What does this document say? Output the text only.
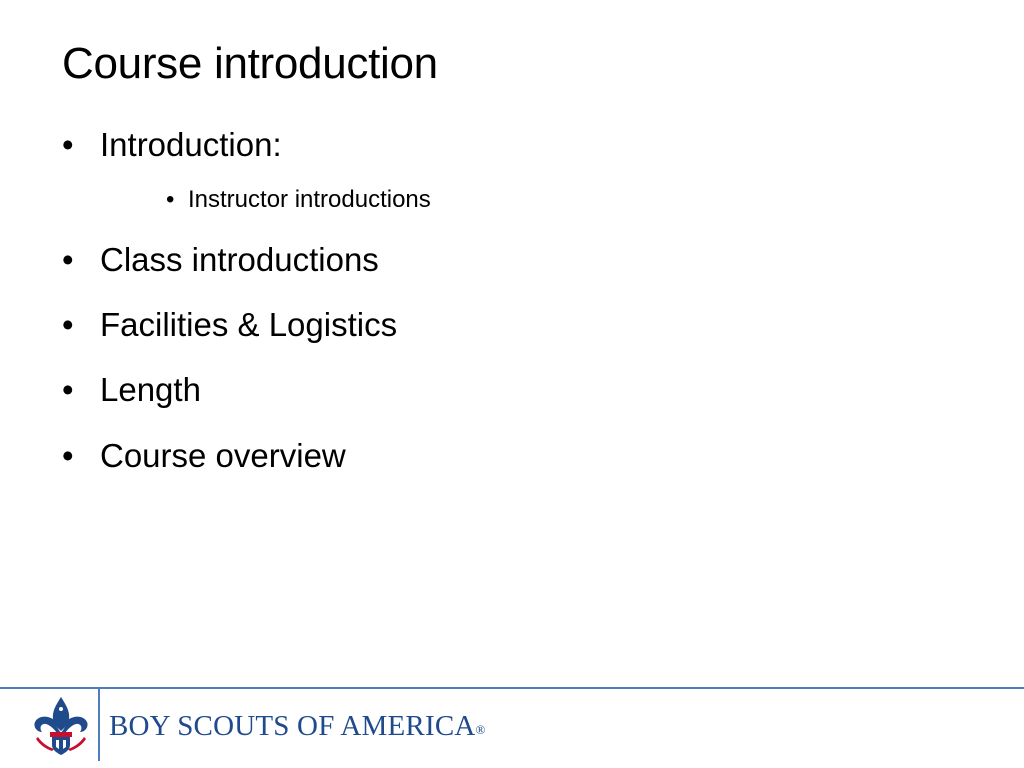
Course introduction
• Introduction:
• Instructor introductions
• Class introductions
• Facilities & Logistics
• Length
• Course overview
BOY SCOUTS OF AMERICA®
